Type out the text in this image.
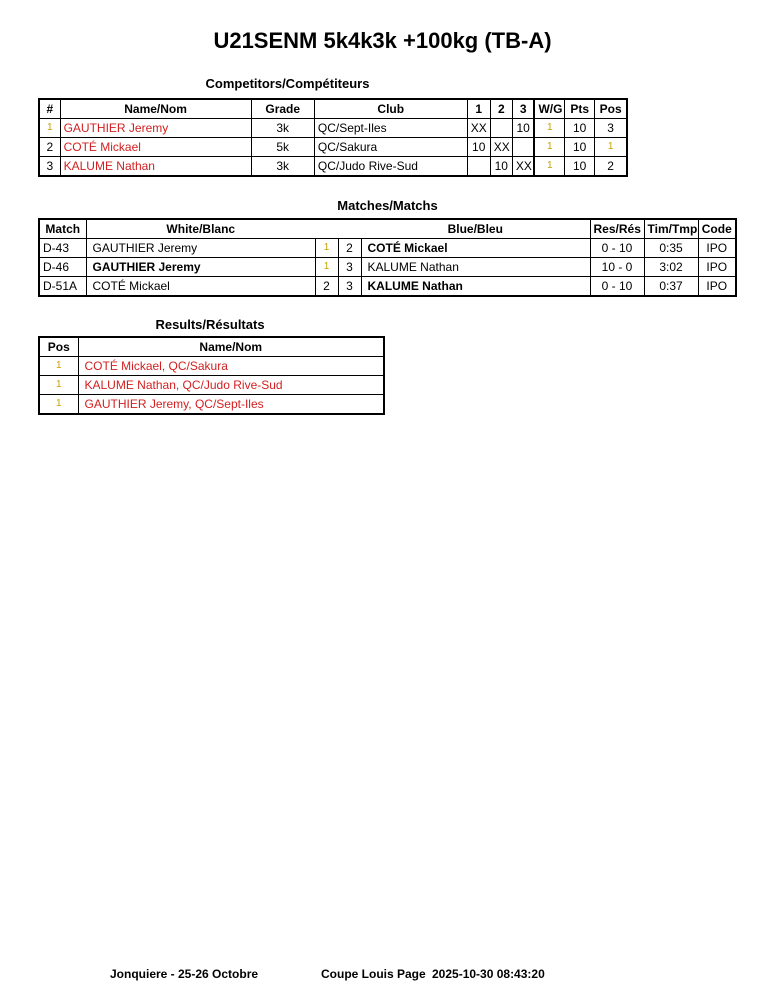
U21SENM 5k4k3k +100kg (TB-A)
Competitors/Compétiteurs
#	Name/Nom	Grade	Club	1	2	3	W/G	Pts	Pos
1	GAUTHIER Jeremy	3k	QC/Sept-Iles	XX		10	1	10	3
2	COTÉ Mickael	5k	QC/Sakura	10	XX		1	10	1
3	KALUME Nathan	3k	QC/Judo Rive-Sud		10	XX	1	10	2
Matches/Matchs
Match	White/Blanc			Blue/Bleu	Res/Rés	Tim/Tmp	Code
D-43	GAUTHIER Jeremy	1	2	COTÉ Mickael	0 - 10	0:35	IPO
D-46	GAUTHIER Jeremy	1	3	KALUME Nathan	10 - 0	3:02	IPO
D-51A	COTÉ Mickael	2	3	KALUME Nathan	0 - 10	0:37	IPO
Results/Résultats
Pos	Name/Nom
1	COTÉ Mickael, QC/Sakura
1	KALUME Nathan, QC/Judo Rive-Sud
1	GAUTHIER Jeremy, QC/Sept-Iles
Jonquiere - 25-26 Octobre	Coupe Louis Page 2025-10-30 08:43:20
